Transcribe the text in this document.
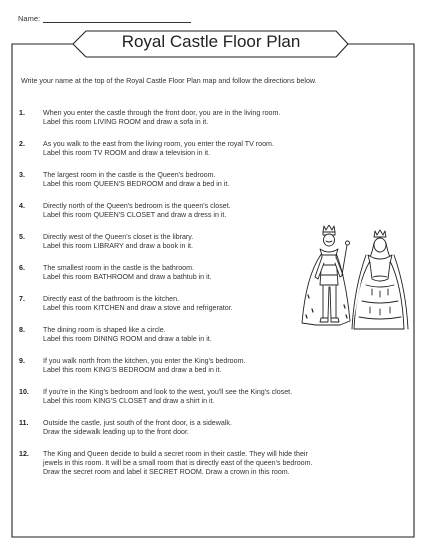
Name:
Royal Castle Floor Plan
Write your name at the top of the Royal Castle Floor Plan map and follow the directions below.
1.	When you enter the castle through the front door, you are in the living room.
Label this room LIVING ROOM and draw a sofa in it.
2.	As you walk to the east from the living room, you enter the royal TV room.
Label this room TV ROOM and draw a television in it.
3.	The largest room in the castle is the Queen's bedroom.
Label this room QUEEN'S BEDROOM and draw a bed in it.
4.	Directly north of the Queen's bedroom is the queen's closet.
Label this room QUEEN'S CLOSET and draw a dress in it.
5.	Directly west of the Queen's closet is the library.
Label this room LIBRARY and draw a book in it.
6.	The smallest room in the castle is the bathroom.
Label this room BATHROOM and draw a bathtub in it.
7.	Directly east of the bathroom is the kitchen.
Label this room KITCHEN and draw a stove and refrigerator.
8.	The dining room is shaped like a circle.
Label this room DINING ROOM and draw a table in it.
9.	If you walk north from the kitchen, you enter the King's bedroom.
Label this room KING'S BEDROOM and draw a bed in it.
10. If you're in the King's bedroom and look to the west, you'll see the King's closet.
Label this room KING'S CLOSET and draw a shirt in it.
11. Outside the castle, just south of the front door, is a sidewalk.
Draw the sidewalk leading up to the front door.
12. The King and Queen decide to build a secret room in their castle. They will hide their
jewels in this room. It will be a small room that is directly east of the queen's bedroom.
Draw the secret room and label it SECRET ROOM. Draw a crown in this room.
